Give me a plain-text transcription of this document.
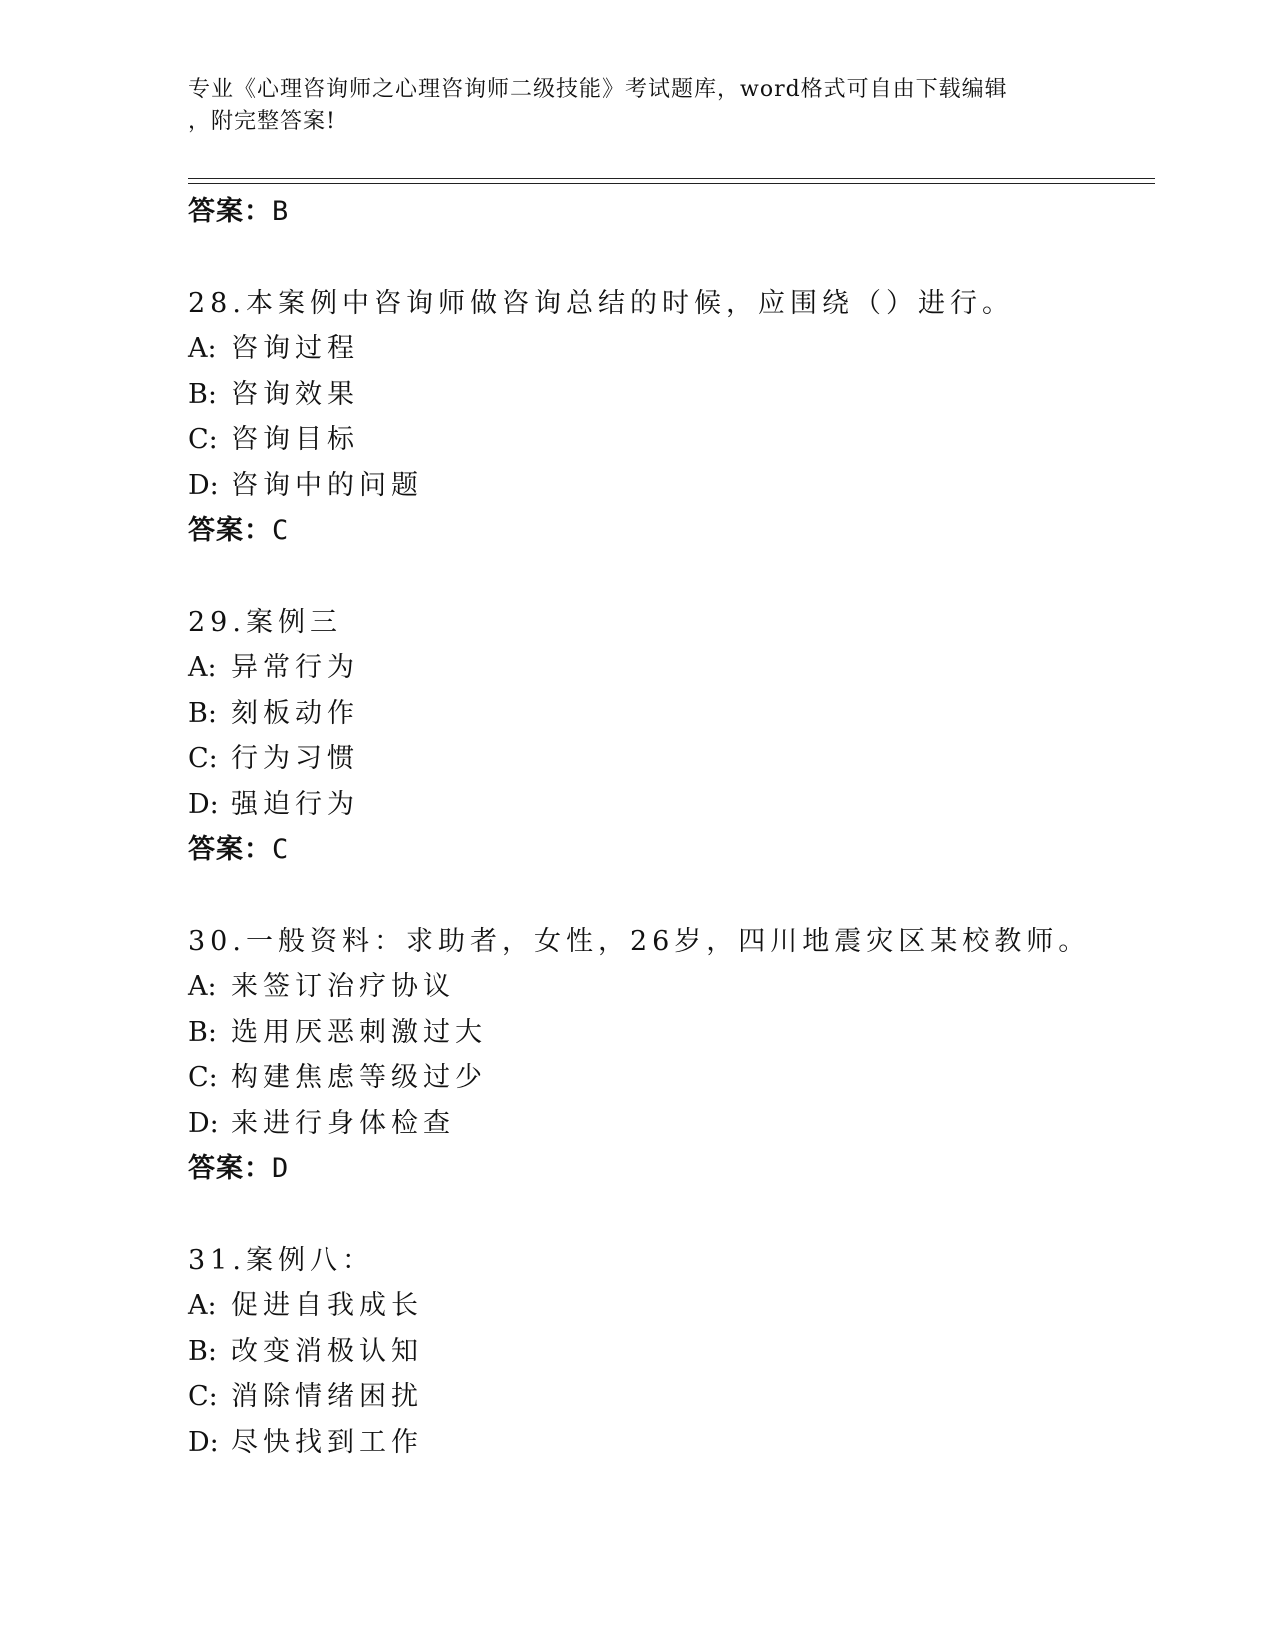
专业《心理咨询师之心理咨询师二级技能》考试题库，word格式可自由下载编辑
，附完整答案!
答案：B
28.本案例中咨询师做咨询总结的时候，应围绕（）进行。
A: 咨询过程
B: 咨询效果
C: 咨询目标
D: 咨询中的问题
答案：C
29.案例三
A: 异常行为
B: 刻板动作
C: 行为习惯
D: 强迫行为
答案：C
30.一般资料：求助者，女性，26岁，四川地震灾区某校教师。
A: 来签订治疗协议
B: 选用厌恶刺激过大
C: 构建焦虑等级过少
D: 来进行身体检查
答案：D
31.案例八：
A: 促进自我成长
B: 改变消极认知
C: 消除情绪困扰
D: 尽快找到工作
